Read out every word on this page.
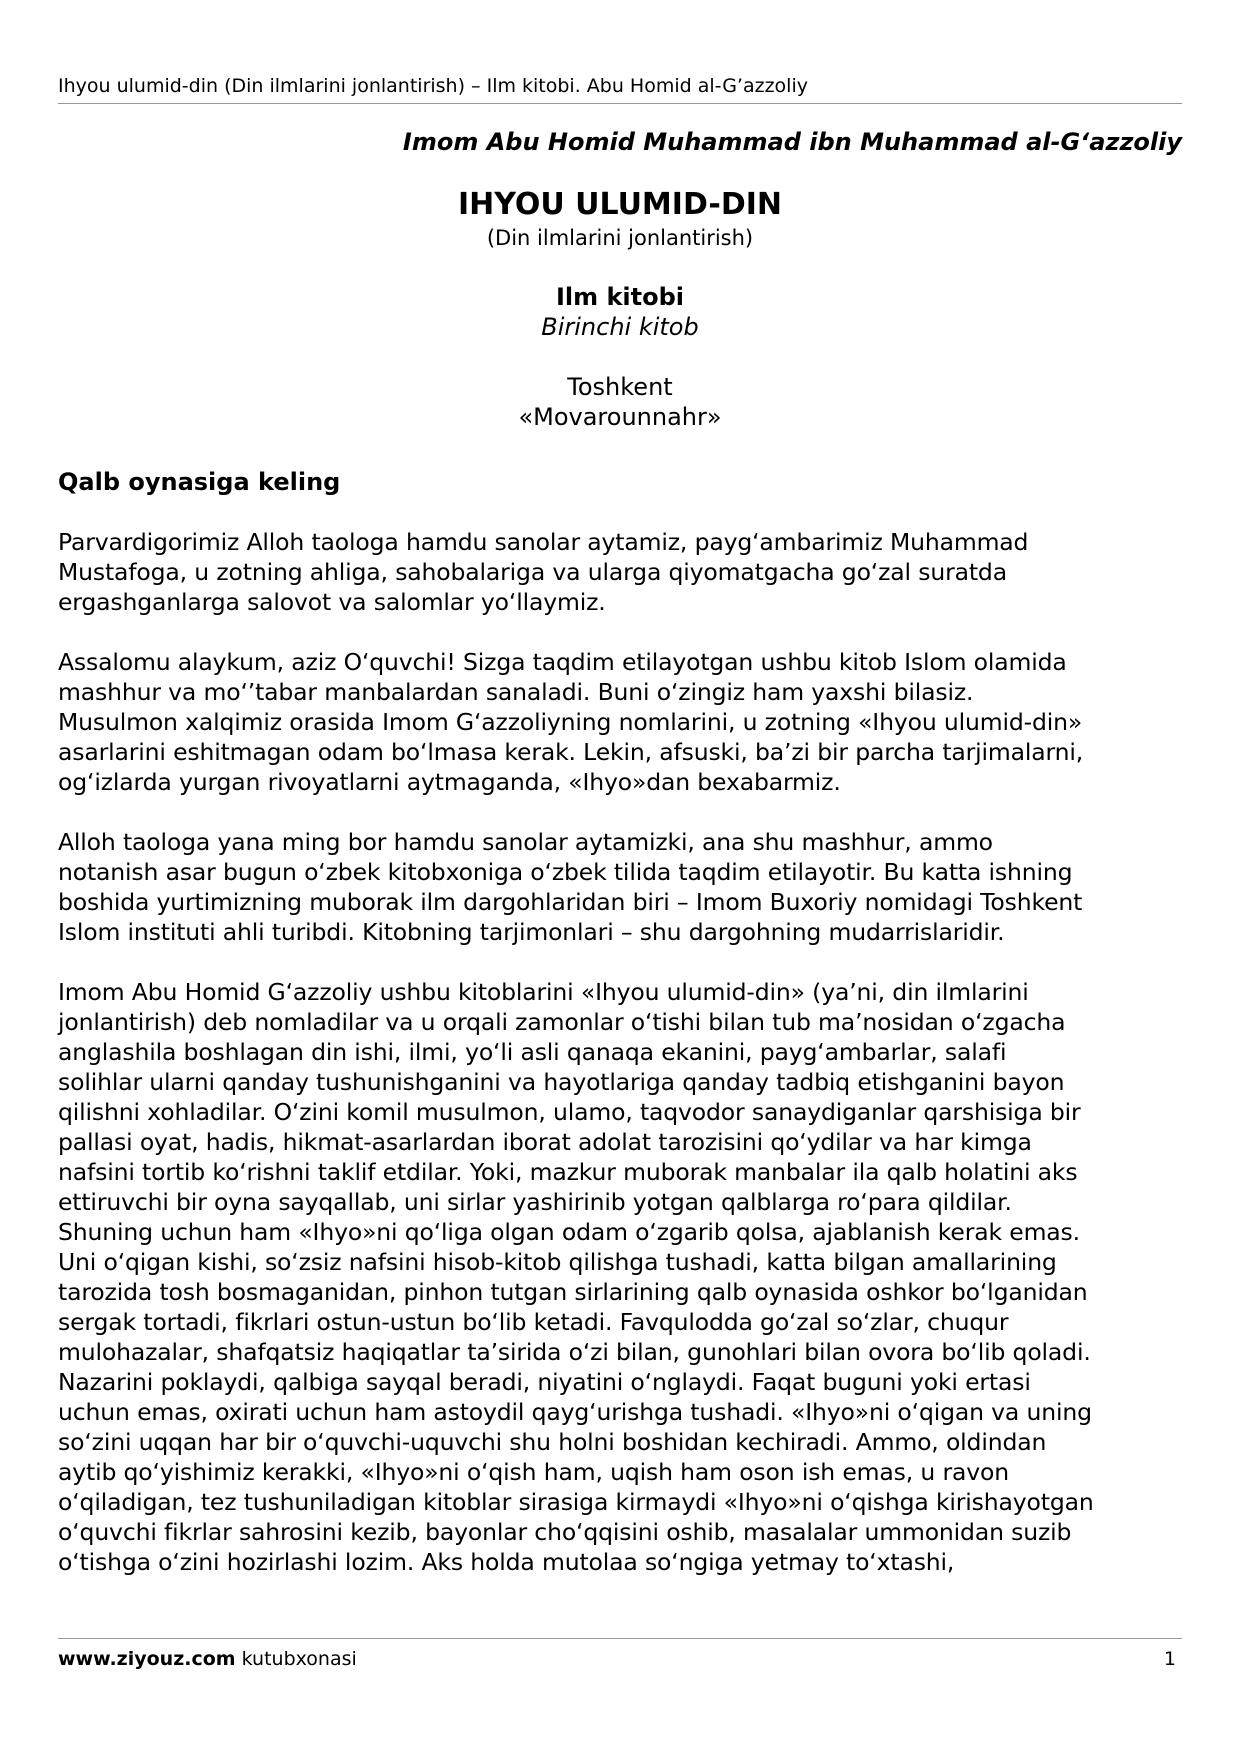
Ihyou ulumid-din (Din ilmlarini jonlantirish) – Ilm kitobi. Abu Homid al-G’azzoliy
Imom Abu Homid Muhammad ibn Muhammad al-G‘azzoliy
IHYOU ULUMID-DIN
(Din ilmlarini jonlantirish)
Ilm kitobi
Birinchi kitob
Toshkent
«Movarounnahr»
Qalb oynasiga keling
Parvardigorimiz Alloh taologa hamdu sanolar aytamiz, payg‘ambarimiz Muhammad
Mustafoga, u zotning ahliga, sahobalariga va ularga qiyomatgacha go‘zal suratda
ergashganlarga salovot va salomlar yo‘llaymiz.
Assalomu alaykum, aziz O‘quvchi! Sizga taqdim etilayotgan ushbu kitob Islom olamida
mashhur va mo‘’tabar manbalardan sanaladi. Buni o‘zingiz ham yaxshi bilasiz.
Musulmon xalqimiz orasida Imom G‘azzoliyning nomlarini, u zotning «Ihyou ulumid-din»
asarlarini eshitmagan odam bo‘lmasa kerak. Lekin, afsuski, ba’zi bir parcha tarjimalarni,
og‘izlarda yurgan rivoyatlarni aytmaganda, «Ihyo»dan bexabarmiz.
Alloh taologa yana ming bor hamdu sanolar aytamizki, ana shu mashhur, ammo
notanish asar bugun o‘zbek kitobxoniga o‘zbek tilida taqdim etilayotir. Bu katta ishning
boshida yurtimizning muborak ilm dargohlaridan biri – Imom Buxoriy nomidagi Toshkent
Islom instituti ahli turibdi. Kitobning tarjimonlari – shu dargohning mudarrislaridir.
Imom Abu Homid G‘azzoliy ushbu kitoblarini «Ihyou ulumid-din» (ya’ni, din ilmlarini
jonlantirish) deb nomladilar va u orqali zamonlar o‘tishi bilan tub ma’nosidan o‘zgacha
anglashila boshlagan din ishi, ilmi, yo‘li asli qanaqa ekanini, payg‘ambarlar, salafi
solihlar ularni qanday tushunishganini va hayotlariga qanday tadbiq etishganini bayon
qilishni xohladilar. O‘zini komil musulmon, ulamo, taqvodor sanaydiganlar qarshisiga bir
pallasi oyat, hadis, hikmat-asarlardan iborat adolat tarozisini qo‘ydilar va har kimga
nafsini tortib ko‘rishni taklif etdilar. Yoki, mazkur muborak manbalar ila qalb holatini aks
ettiruvchi bir oyna sayqallab, uni sirlar yashirinib yotgan qalblarga ro‘para qildilar.
Shuning uchun ham «Ihyo»ni qo‘liga olgan odam o‘zgarib qolsa, ajablanish kerak emas.
Uni o‘qigan kishi, so‘zsiz nafsini hisob-kitob qilishga tushadi, katta bilgan amallarining
tarozida tosh bosmaganidan, pinhon tutgan sirlarining qalb oynasida oshkor bo‘lganidan
sergak tortadi, fikrlari ostun-ustun bo‘lib ketadi. Favqulodda go‘zal so‘zlar, chuqur
mulohazalar, shafqatsiz haqiqatlar ta’sirida o‘zi bilan, gunohlari bilan ovora bo‘lib qoladi.
Nazarini poklaydi, qalbiga sayqal beradi, niyatini o‘nglaydi. Faqat buguni yoki ertasi
uchun emas, oxirati uchun ham astoydil qayg‘urishga tushadi. «Ihyo»ni o‘qigan va uning
so‘zini uqqan har bir o‘quvchi-uquvchi shu holni boshidan kechiradi. Ammo, oldindan
aytib qo‘yishimiz kerakki, «Ihyo»ni o‘qish ham, uqish ham oson ish emas, u ravon
o‘qiladigan, tez tushuniladigan kitoblar sirasiga kirmaydi «Ihyo»ni o‘qishga kirishayotgan
o‘quvchi fikrlar sahrosini kezib, bayonlar cho‘qqisini oshib, masalalar ummonidan suzib
o‘tishga o‘zini hozirlashi lozim. Aks holda mutolaa so‘ngiga yetmay to‘xtashi,
www.ziyouz.com kutubxonasi	1
